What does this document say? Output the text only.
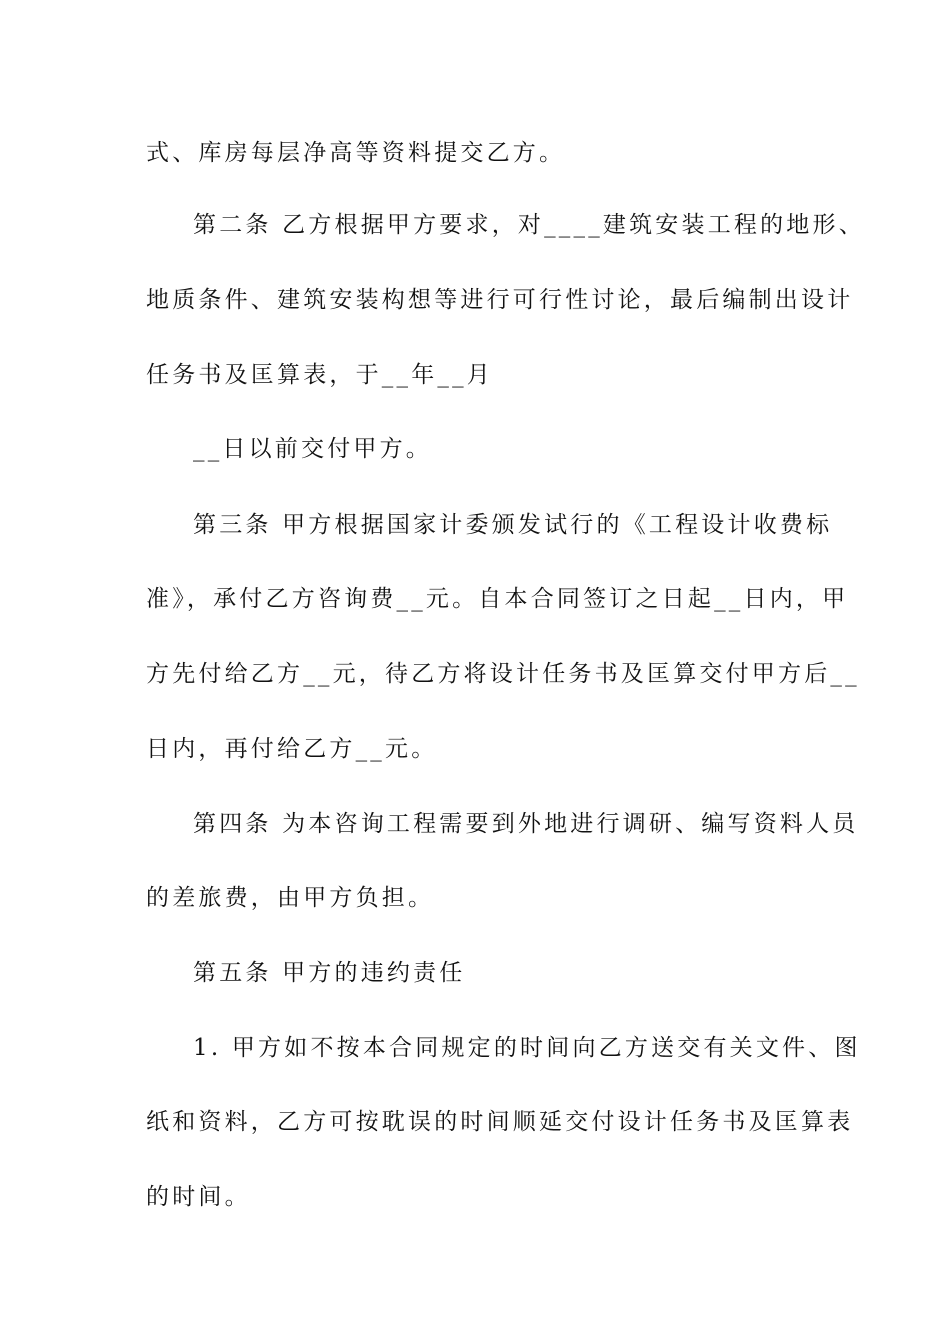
式、库房每层净高等资料提交乙方。
第二条 乙方根据甲方要求，对____建筑安装工程的地形、
地质条件、建筑安装构想等进行可行性讨论，最后编制出设计
任务书及匡算表，于__年__月
__日以前交付甲方。
第三条 甲方根据国家计委颁发试行的《工程设计收费标
准》，承付乙方咨询费__元。自本合同签订之日起__日内，甲
方先付给乙方__元，待乙方将设计任务书及匡算交付甲方后__
日内，再付给乙方__元。
第四条 为本咨询工程需要到外地进行调研、编写资料人员
的差旅费，由甲方负担。
第五条 甲方的违约责任
1. 甲方如不按本合同规定的时间向乙方送交有关文件、图
纸和资料，乙方可按耽误的时间顺延交付设计任务书及匡算表
的时间。
